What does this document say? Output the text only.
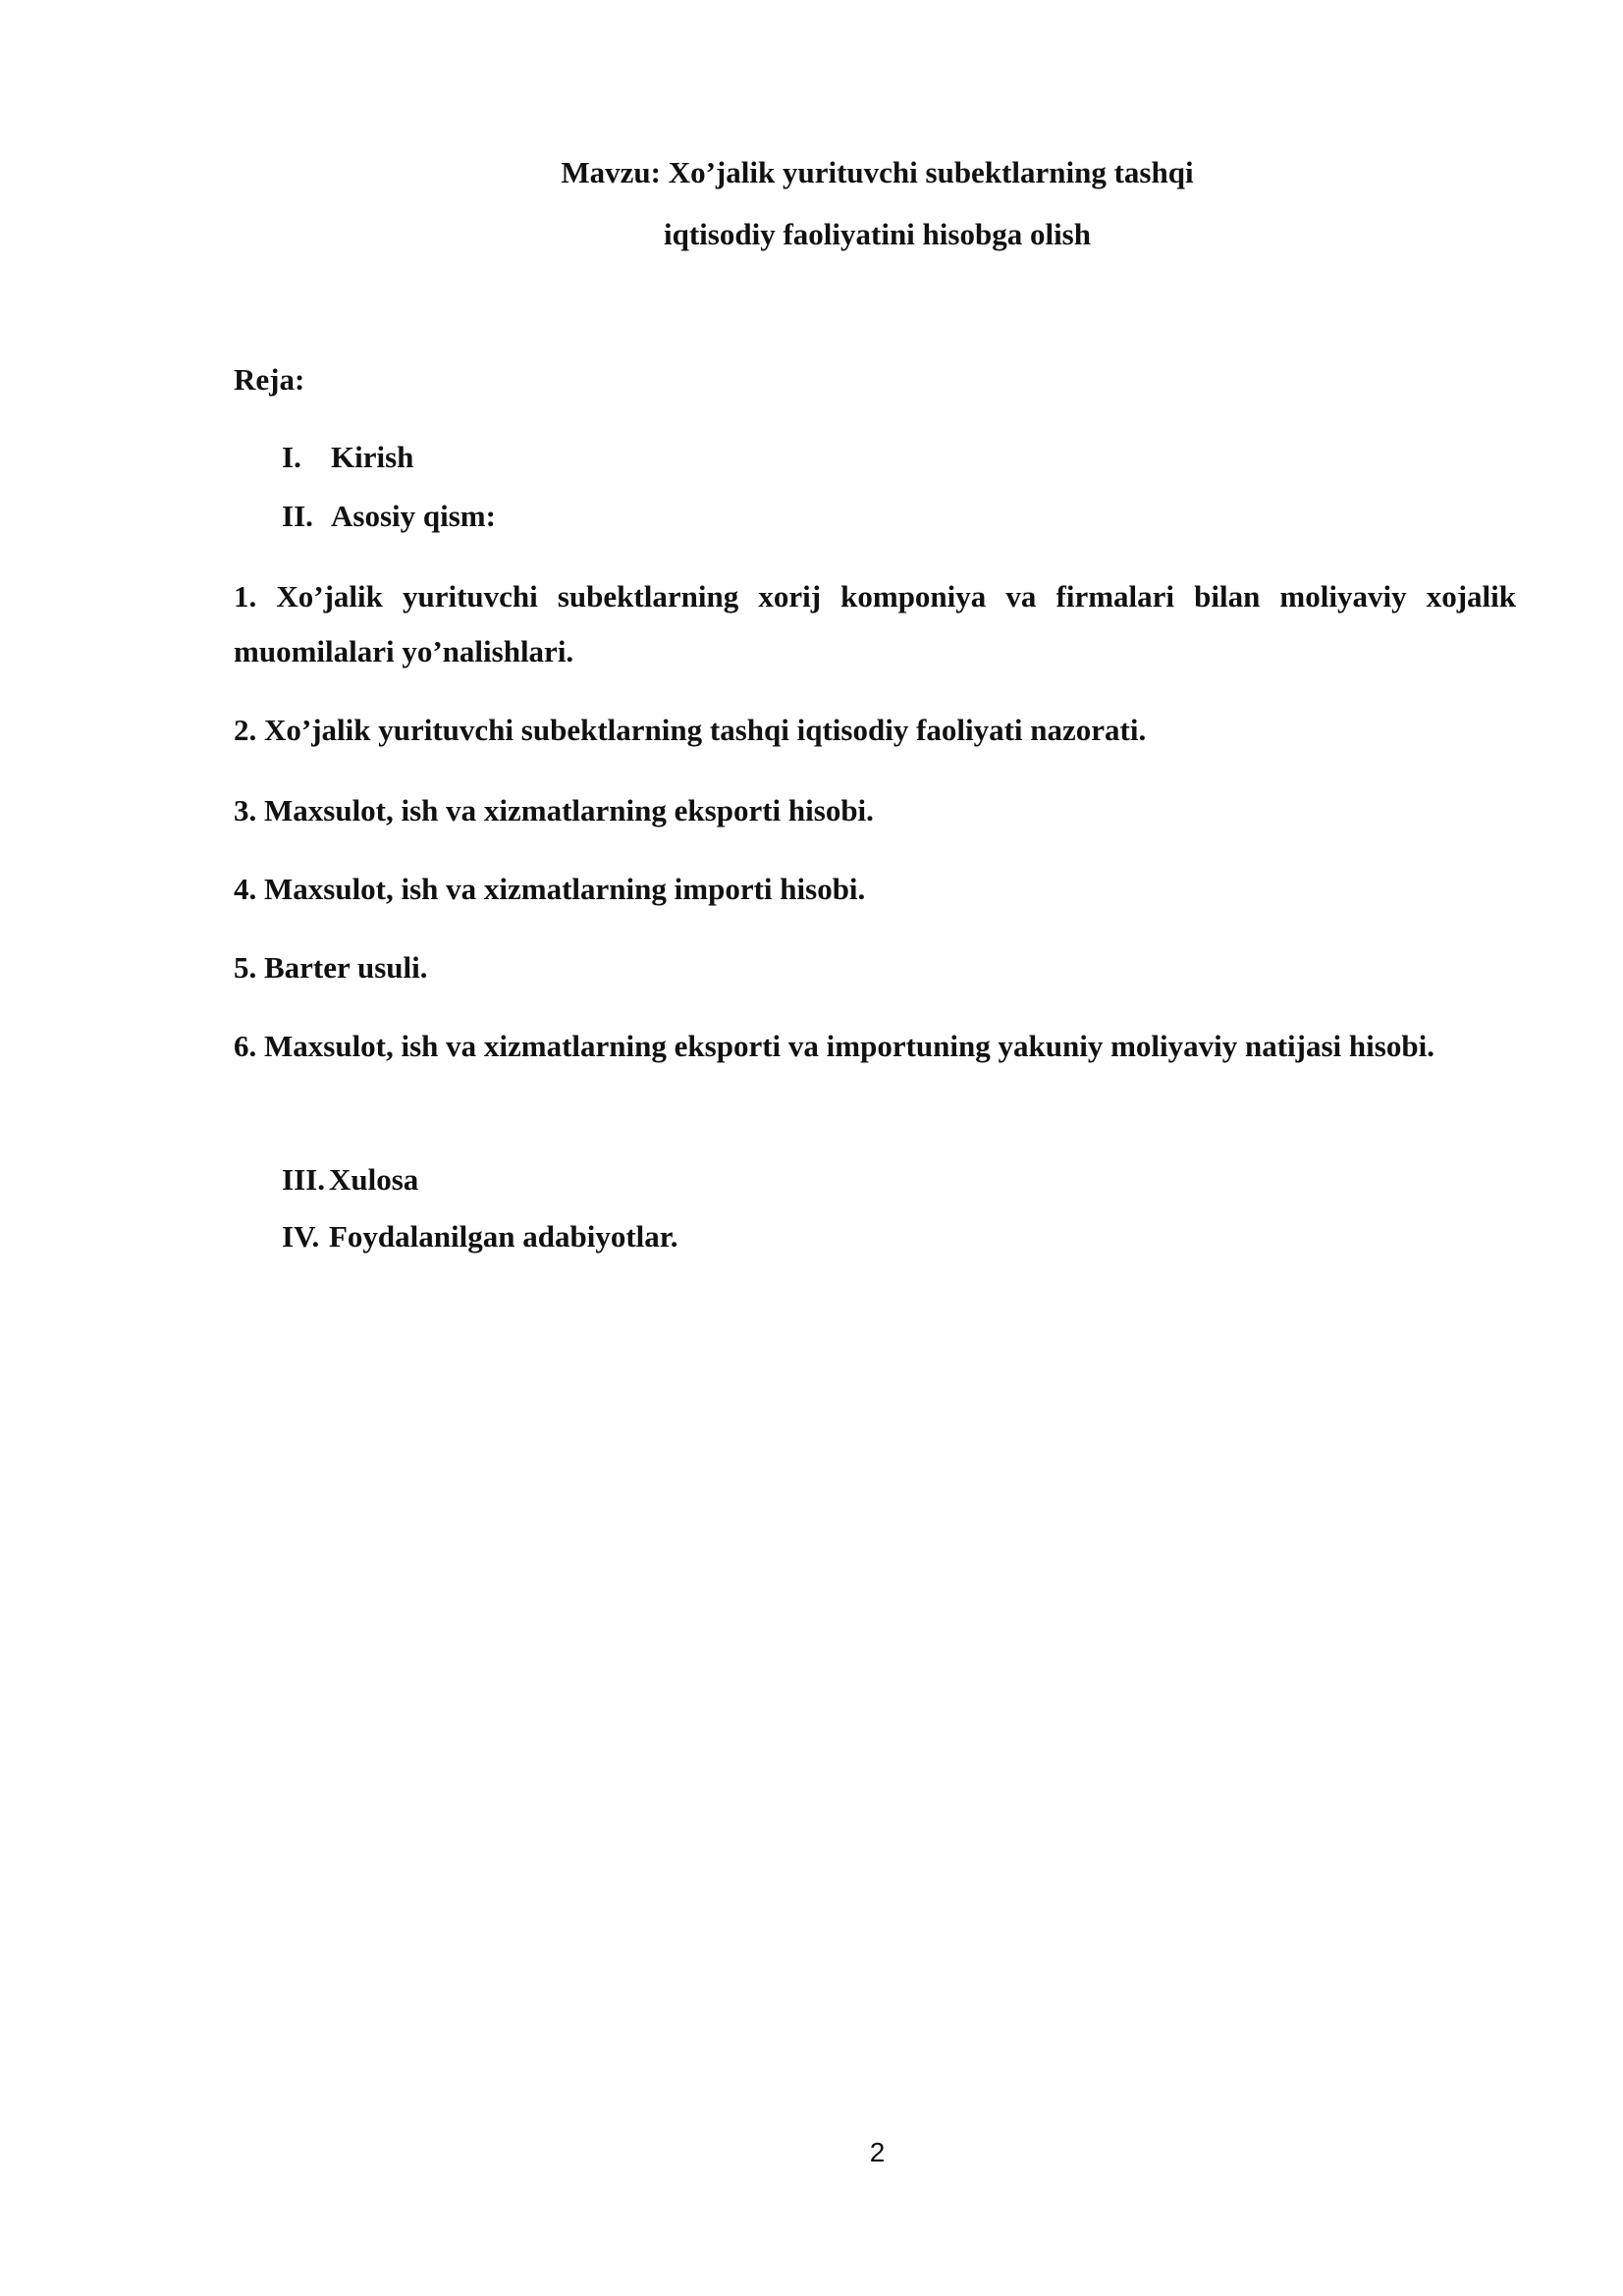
Mavzu: Xo’jalik yurituvchi subektlarning tashqi
iqtisodiy faoliyatini hisobga olish
Reja:
I. Kirish
II. Asosiy qism:
1. Xo’jalik yurituvchi subektlarning xorij komponiya va firmalari bilan moliyaviy xojalik muomilalari yo’nalishlari.
2. Xo’jalik yurituvchi subektlarning tashqi iqtisodiy faoliyati nazorati.
3. Maxsulot, ish va xizmatlarning eksporti hisobi.
4. Maxsulot, ish va xizmatlarning importi hisobi.
5. Barter usuli.
6. Maxsulot, ish va xizmatlarning eksporti va importuning yakuniy moliyaviy natijasi hisobi.
III. Xulosa
IV. Foydalanilgan adabiyotlar.
2
